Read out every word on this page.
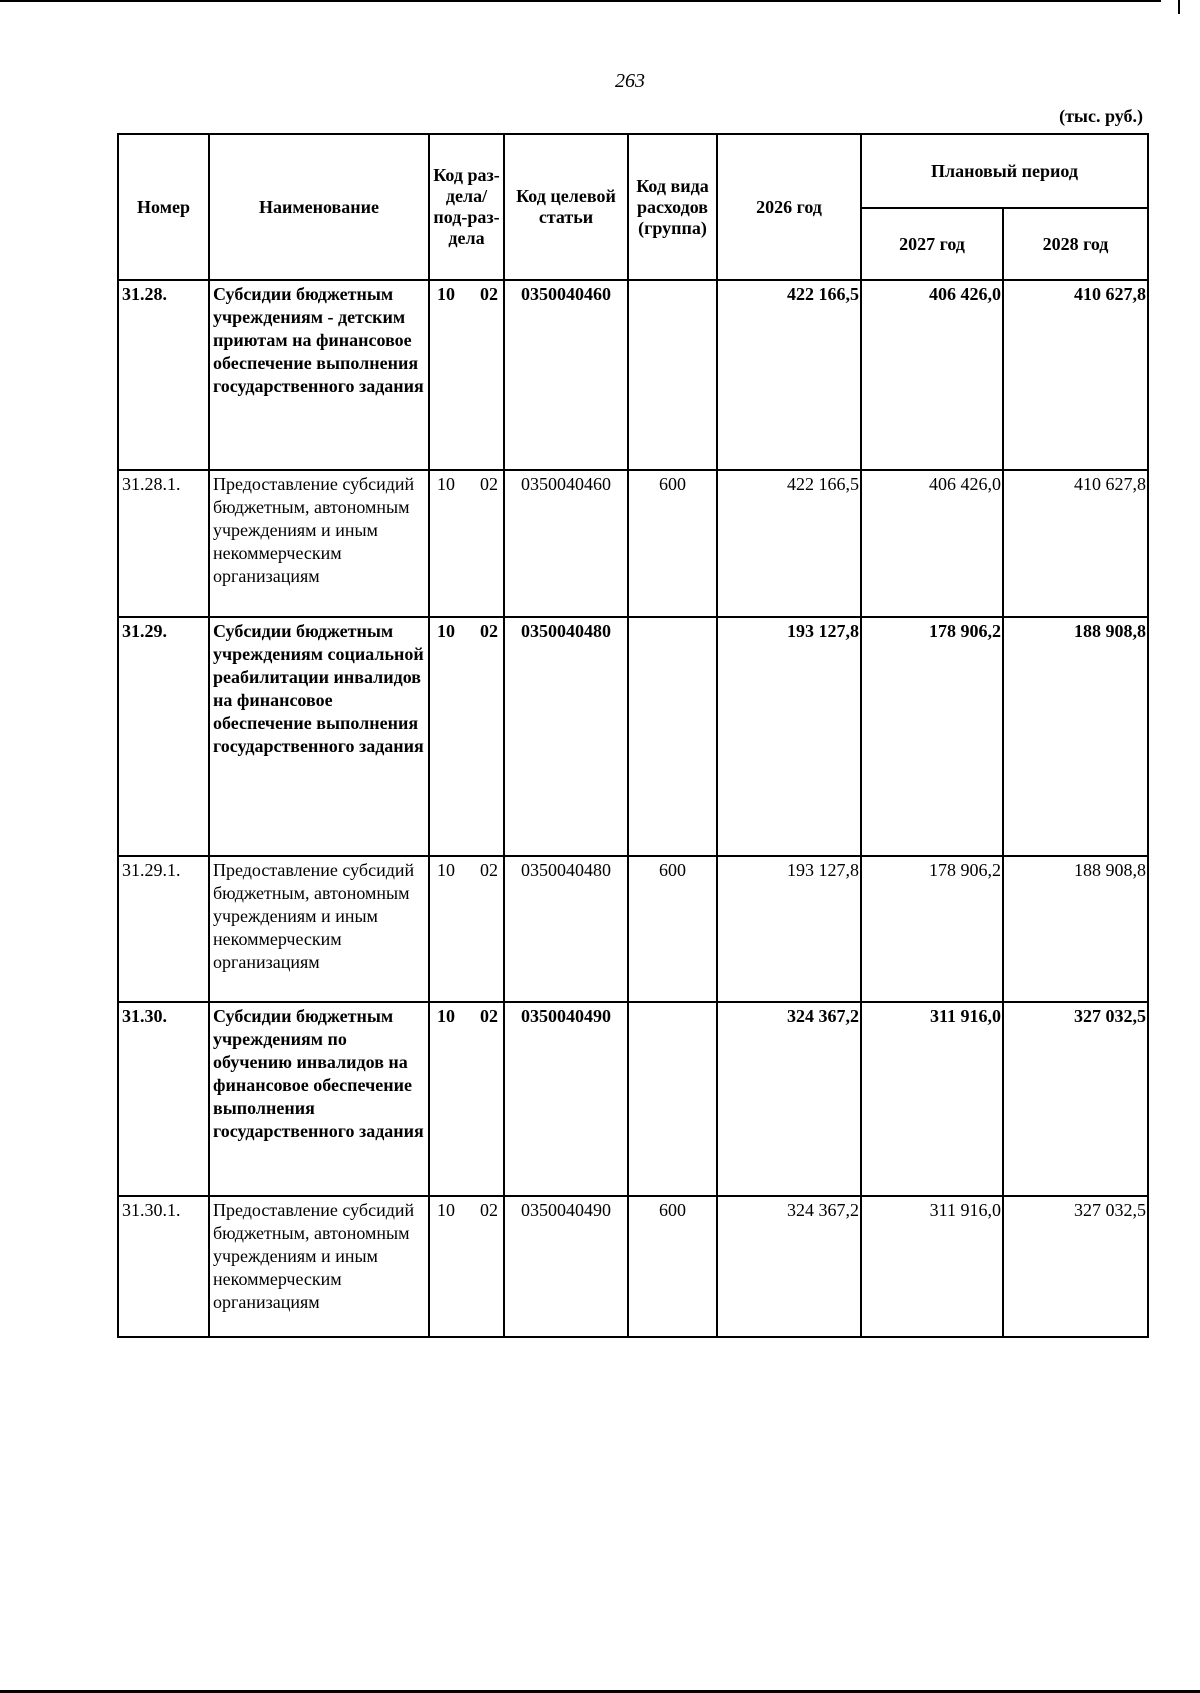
263
(тыс. руб.)
Номер	Наименование	Код раз-дела/ под-раз-дела	Код целевой статьи	Код вида расходов (группа)	2026 год	Плановый период	
						2027 год	2028 год
31.28.	Субсидии бюджетным учреждениям - детским приютам на финансовое обеспечение выполнения государственного задания	10 02	0350040460		422 166,5	406 426,0	410 627,8
31.28.1.	Предоставление субсидий бюджетным, автономным учреждениям и иным некоммерческим организациям	10 02	0350040460	600	422 166,5	406 426,0	410 627,8
31.29.	Субсидии бюджетным учреждениям социальной реабилитации инвалидов на финансовое обеспечение выполнения государственного задания	10 02	0350040480		193 127,8	178 906,2	188 908,8
31.29.1.	Предоставление субсидий бюджетным, автономным учреждениям и иным некоммерческим организациям	10 02	0350040480	600	193 127,8	178 906,2	188 908,8
31.30.	Субсидии бюджетным учреждениям по обучению инвалидов на финансовое обеспечение выполнения государственного задания	10 02	0350040490		324 367,2	311 916,0	327 032,5
31.30.1.	Предоставление субсидий бюджетным, автономным учреждениям и иным некоммерческим организациям	10 02	0350040490	600	324 367,2	311 916,0	327 032,5
